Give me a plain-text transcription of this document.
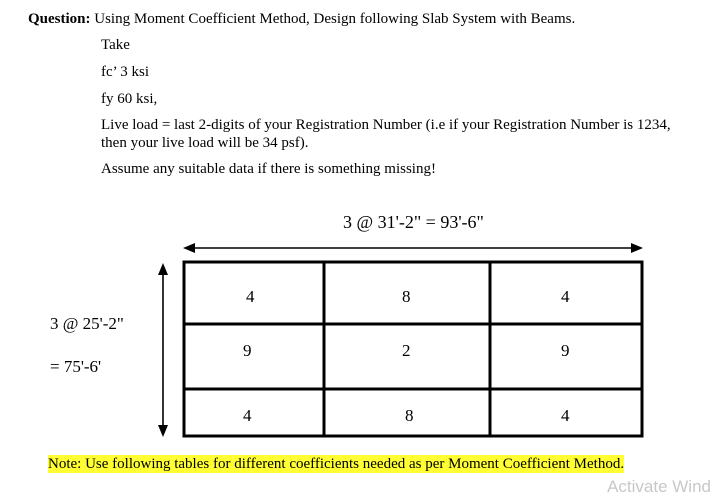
Question: Using Moment Coefficient Method, Design following Slab System with Beams.
Take
fc’ 3 ksi
fy 60 ksi,
Live load = last 2-digits of your Registration Number (i.e if your Registration Number is 1234, then your live load will be 34 psf).
Assume any suitable data if there is something missing!
3 @ 31'-2" = 93'-6"
3 @ 25'-2"
= 75'-6'
4	8	4
9	2	9
4	8	4
Note: Use following tables for different coefficients needed as per Moment Coefficient Method.
Activate Wind
